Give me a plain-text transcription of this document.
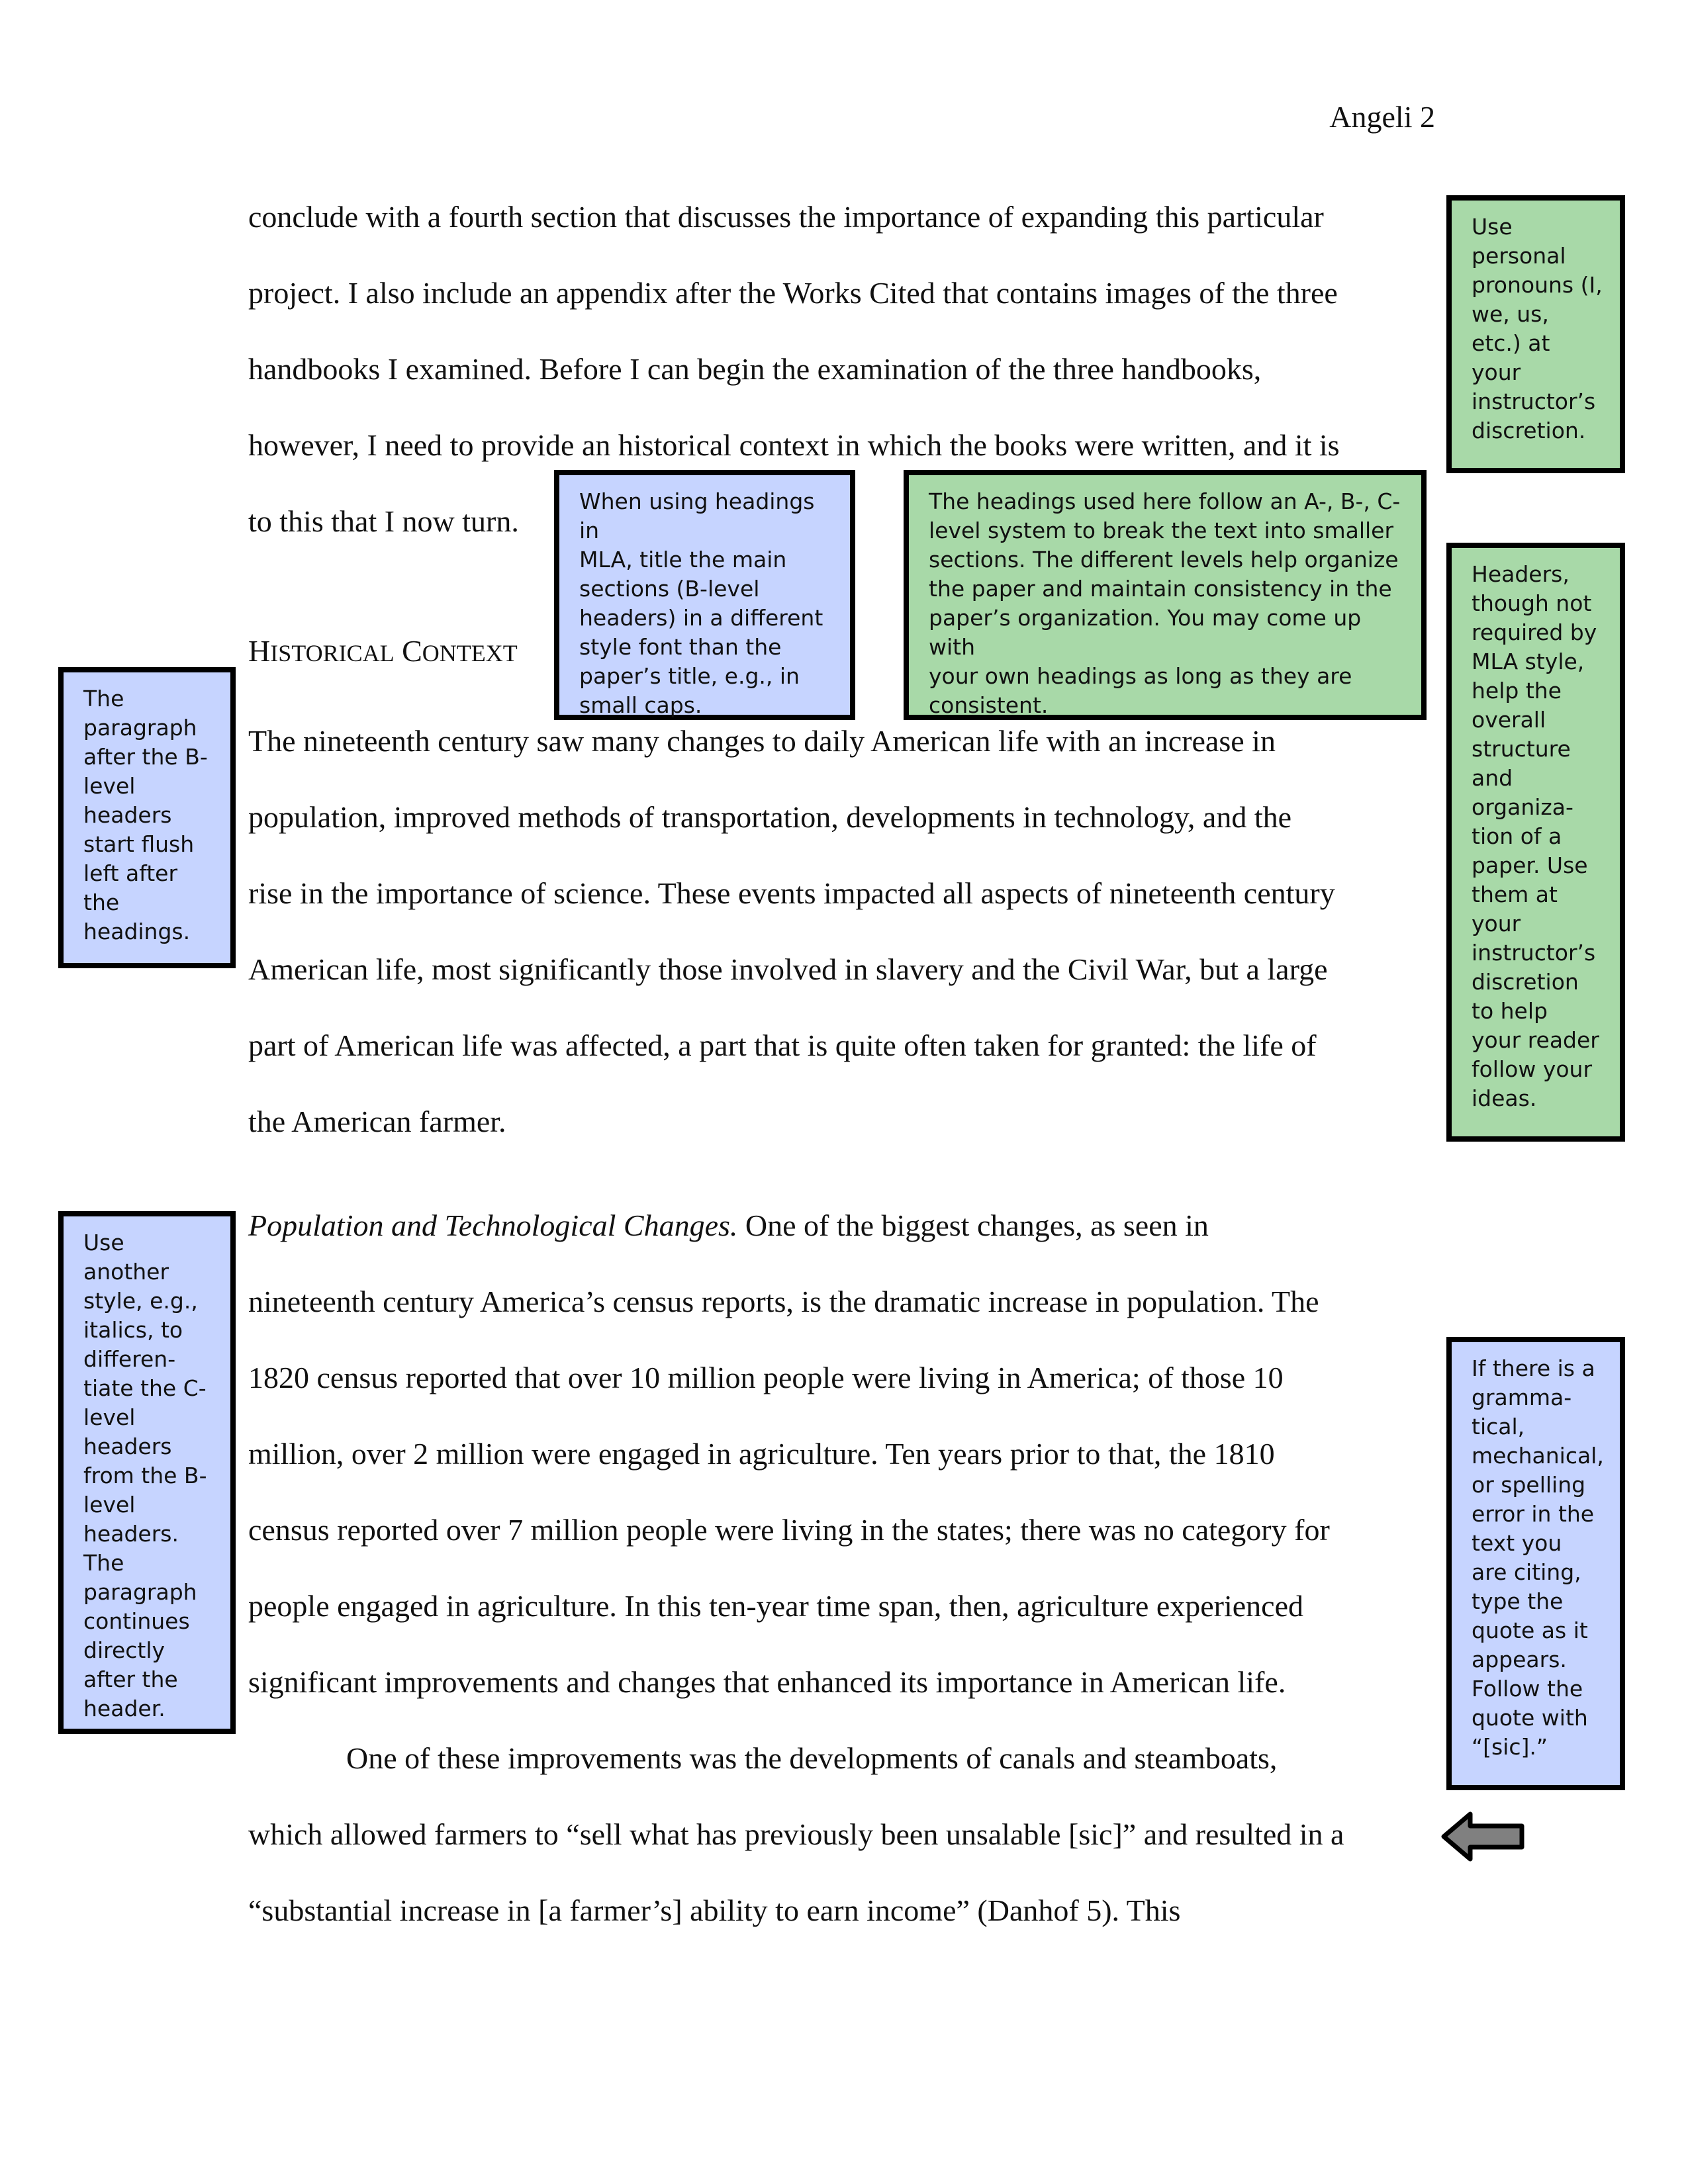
Angeli 2
conclude with a fourth section that discusses the importance of expanding this particular
project. I also include an appendix after the Works Cited that contains images of the three
handbooks I examined. Before I can begin the examination of the three handbooks,
however, I need to provide an historical context in which the books were written, and it is
to this that I now turn.
HISTORICAL CONTEXT
The nineteenth century saw many changes to daily American life with an increase in
population, improved methods of transportation, developments in technology, and the
rise in the importance of science. These events impacted all aspects of nineteenth century
American life, most significantly those involved in slavery and the Civil War, but a large
part of American life was affected, a part that is quite often taken for granted: the life of
the American farmer.
Population and Technological Changes. One of the biggest changes, as seen in
nineteenth century America’s census reports, is the dramatic increase in population. The
1820 census reported that over 10 million people were living in America; of those 10
million, over 2 million were engaged in agriculture. Ten years prior to that, the 1810
census reported over 7 million people were living in the states; there was no category for
people engaged in agriculture. In this ten-year time span, then, agriculture experienced
significant improvements and changes that enhanced its importance in American life.
One of these improvements was the developments of canals and steamboats,
which allowed farmers to “sell what has previously been unsalable [sic]” and resulted in a
“substantial increase in [a farmer’s] ability to earn income” (Danhof 5). This
Use
personal
pronouns (I,
we, us,
etc.) at
your
instructor’s
discretion.
When using headings in
MLA, title the main
sections (B-level
headers) in a different
style font than the
paper’s title, e.g., in
small caps.
The headings used here follow an A-, B-, C-
level system to break the text into smaller
sections. The different levels help organize
the paper and maintain consistency in the
paper’s organization. You may come up with
your own headings as long as they are
consistent.
Headers,
though not
required by
MLA style,
help the
overall
structure
and
organiza-
tion of a
paper. Use
them at
your
instructor’s
discretion
to help
your reader
follow your
ideas.
The
paragraph
after the B-
level
headers
start flush
left after
the
headings.
Use another
style, e.g.,
italics, to
differen-
tiate the C-
level
headers
from the B-
level
headers.
The
paragraph
continues
directly
after the
header.
If there is a
gramma-
tical,
mechanical,
or spelling
error in the
text you
are citing,
type the
quote as it
appears.
Follow the
quote with
“[sic].”
